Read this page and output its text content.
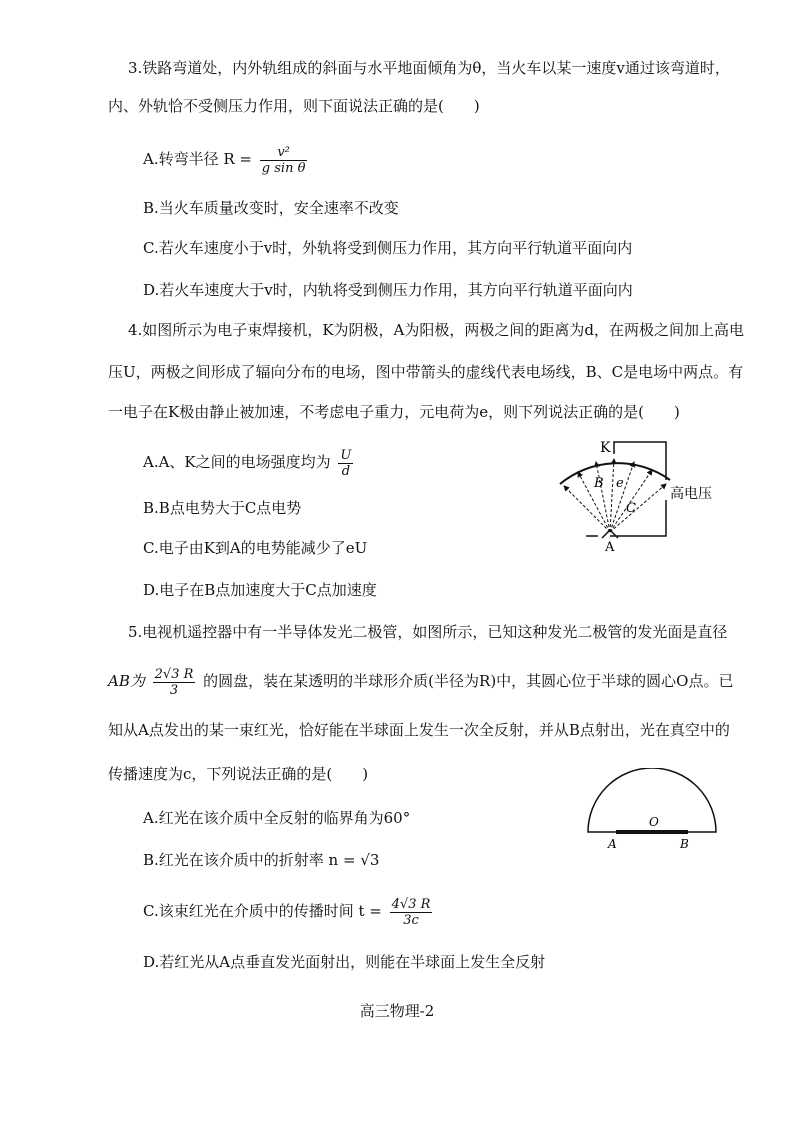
3.铁路弯道处，内外轨组成的斜面与水平地面倾角为θ，当火车以某一速度v通过该弯道时，
内、外轨恰不受侧压力作用，则下面说法正确的是(　　)
A.转弯半径 $R = \frac{\text{v²}}{\text{g sin θ}}$
B.当火车质量改变时，安全速率不改变
C.若火车速度小于v时，外轨将受到侧压力作用，其方向平行轨道平面向内
D.若火车速度大于v时，内轨将受到侧压力作用，其方向平行轨道平面向内
4.如图所示为电子束焊接机，K为阴极，A为阳极，两极之间的距离为d，在两极之间加上高电
压U，两极之间形成了辐向分布的电场，图中带箭头的虚线代表电场线，B、C是电场中两点。有
一电子在K极由静止被加速，不考虑电子重力，元电荷为e，则下列说法正确的是(　　)
A.A、K之间的电场强度均为 $\frac{U}{d}$
B.B点电势大于C点电势
C.电子由K到A的电势能减少了eU
D.电子在B点加速度大于C点加速度
K
A
B e
C
高电压
5.电视机遥控器中有一半导体发光二极管，如图所示，已知这种发光二极管的发光面是直径
AB为 $\frac{2√3 R}{3}$ 的圆盘，装在某透明的半球形介质(半径为R)中，其圆心位于半球的圆心O点。已
知从A点发出的某一束红光，恰好能在半球面上发生一次全反射，并从B点射出，光在真空中的
传播速度为c，下列说法正确的是(　　)
A.红光在该介质中全反射的临界角为60°
B.红光在该介质中的折射率 n = √3
C.该束红光在介质中的传播时间 $t = \frac{4√3 R}{3c}$
D.若红光从A点垂直发光面射出，则能在半球面上发生全反射
O
A	B
高三物理-2
